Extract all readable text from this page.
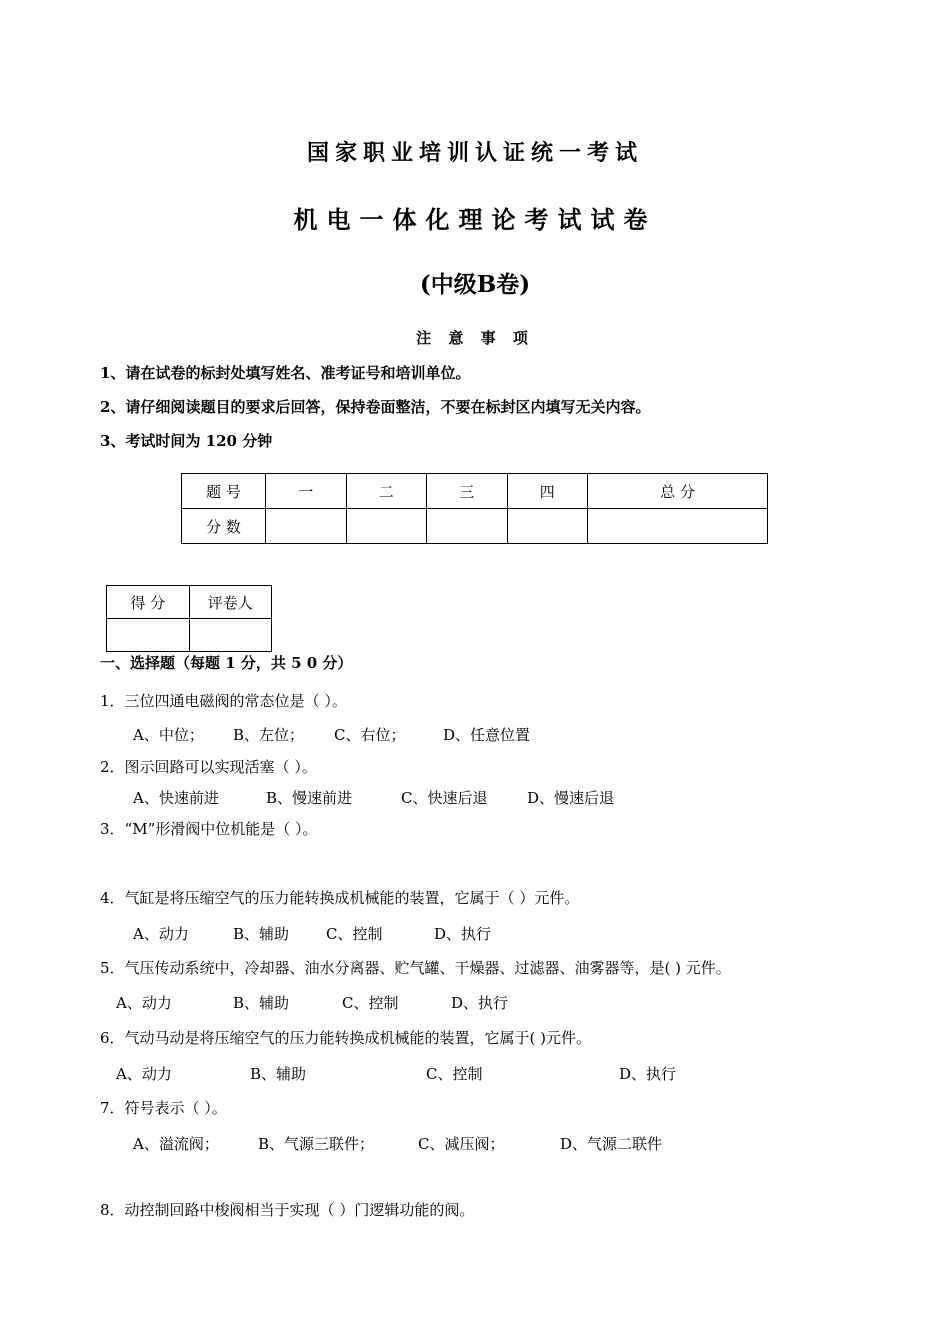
国家职业培训认证统一考试
机电一体化理论考试试卷
(中级B卷)
注 意 事 项
1、请在试卷的标封处填写姓名、准考证号和培训单位。
2、请仔细阅读题目的要求后回答，保持卷面整洁，不要在标封区内填写无关内容。
3、考试时间为 120 分钟
题 号	一	二	三	四	总 分
分 数					
得 分	评卷人

一、选择题（每题 1 分，共 5 0 分）
1．三位四通电磁阀的常态位是（ ）。
A、中位； B、左位； C、右位；	D、任意位置
2．图示回路可以实现活塞（ ）。
A、快速前进	B、慢速前进	C、快速后退	D、慢速后退
3．“M”形滑阀中位机能是（ ）。
4．气缸是将压缩空气的压力能转换成机械能的装置，它属于（ ）元件。
A、动力	B、辅助 C、控制	D、执行
5．气压传动系统中，冷却器、油水分离器、贮气罐、干燥器、过滤器、油雾器等，是( ) 元件。
A、动力	B、辅助	C、控制	D、执行
6．气动马动是将压缩空气的压力能转换成机械能的装置，它属于( )元件。
A、动力	B、辅助	C、控制	D、执行
7．符号表示（ ）。
A、溢流阀；	B、气源三联件；	C、减压阀；	D、气源二联件
8．动控制回路中梭阀相当于实现（ ）门逻辑功能的阀。
